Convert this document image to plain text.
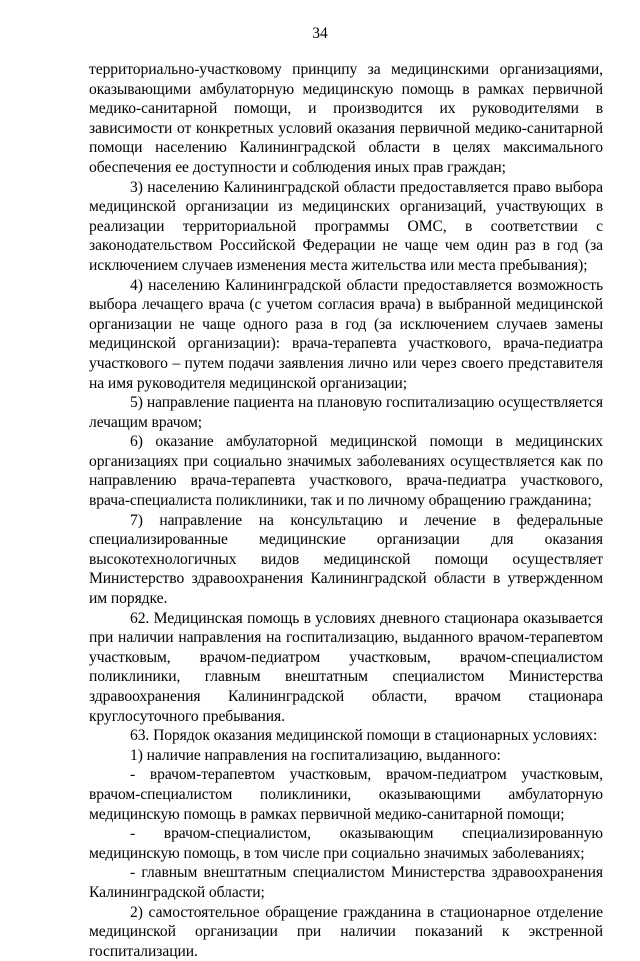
34

территориально-участковому принципу за медицинскими организациями, оказывающими амбулаторную медицинскую помощь в рамках первичной медико-санитарной помощи, и производится их руководителями в зависимости от конкретных условий оказания первичной медико-санитарной помощи населению Калининградской области в целях максимального обеспечения ее доступности и соблюдения иных прав граждан;

3) населению Калининградской области предоставляется право выбора медицинской организации из медицинских организаций, участвующих в реализации территориальной программы ОМС, в соответствии с законодательством Российской Федерации не чаще чем один раз в год (за исключением случаев изменения места жительства или места пребывания);

4) населению Калининградской области предоставляется возможность выбора лечащего врача (с учетом согласия врача) в выбранной медицинской организации не чаще одного раза в год (за исключением случаев замены медицинской организации): врача-терапевта участкового, врача-педиатра участкового – путем подачи заявления лично или через своего представителя на имя руководителя медицинской организации;

5) направление пациента на плановую госпитализацию осуществляется лечащим врачом;

6) оказание амбулаторной медицинской помощи в медицинских организациях при социально значимых заболеваниях осуществляется как по направлению врача-терапевта участкового, врача-педиатра участкового, врача-специалиста поликлиники, так и по личному обращению гражданина;

7) направление на консультацию и лечение в федеральные специализированные медицинские организации для оказания высокотехнологичных видов медицинской помощи осуществляет Министерство здравоохранения Калининградской области в утвержденном им порядке.

62. Медицинская помощь в условиях дневного стационара оказывается при наличии направления на госпитализацию, выданного врачом-терапевтом участковым, врачом-педиатром участковым, врачом-специалистом поликлиники, главным внештатным специалистом Министерства здравоохранения Калининградской области, врачом стационара круглосуточного пребывания.

63. Порядок оказания медицинской помощи в стационарных условиях:

1) наличие направления на госпитализацию, выданного:

- врачом-терапевтом участковым, врачом-педиатром участковым, врачом-специалистом поликлиники, оказывающими амбулаторную медицинскую помощь в рамках первичной медико-санитарной помощи;

- врачом-специалистом, оказывающим специализированную медицинскую помощь, в том числе при социально значимых заболеваниях;

- главным внештатным специалистом Министерства здравоохранения Калининградской области;

2) самостоятельное обращение гражданина в стационарное отделение медицинской организации при наличии показаний к экстренной госпитализации.
